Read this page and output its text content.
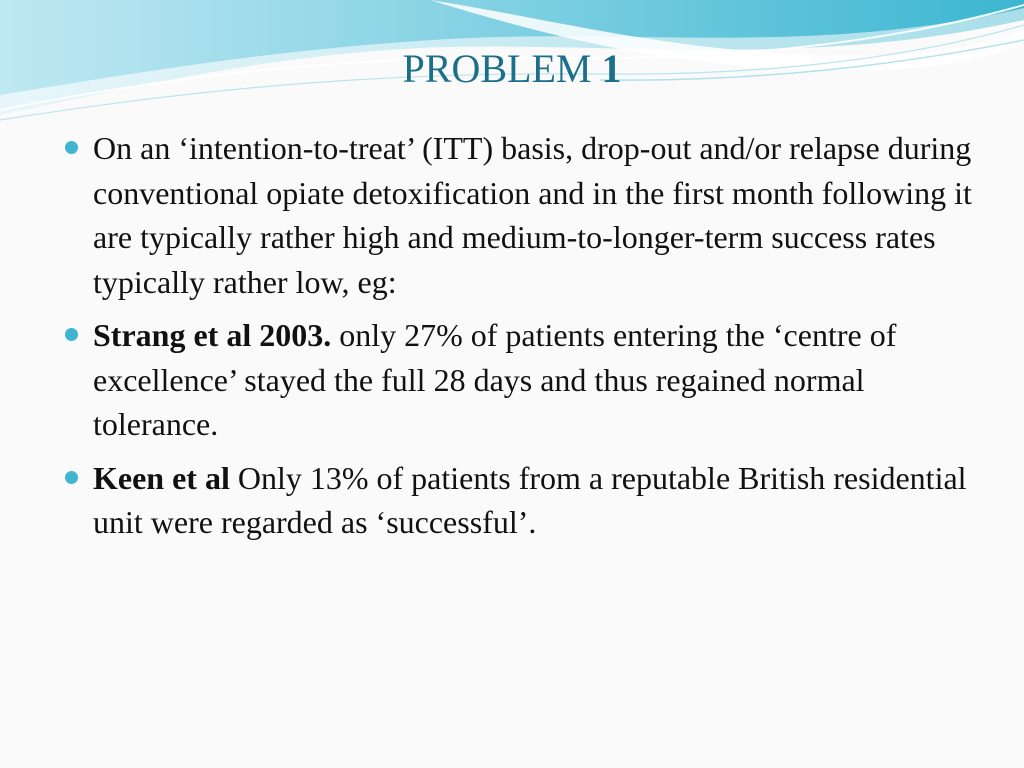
PROBLEM 1
On an ‘intention-to-treat’ (ITT) basis, drop-out and/or relapse during conventional opiate detoxification and in the first month following it are typically rather high and medium-to-longer-term success rates typically rather low, eg:
Strang et al 2003. only 27% of patients entering the ‘centre of excellence’ stayed the full 28 days and thus regained normal tolerance.
Keen et al Only 13% of patients from a reputable British residential unit were regarded as ‘successful’.
